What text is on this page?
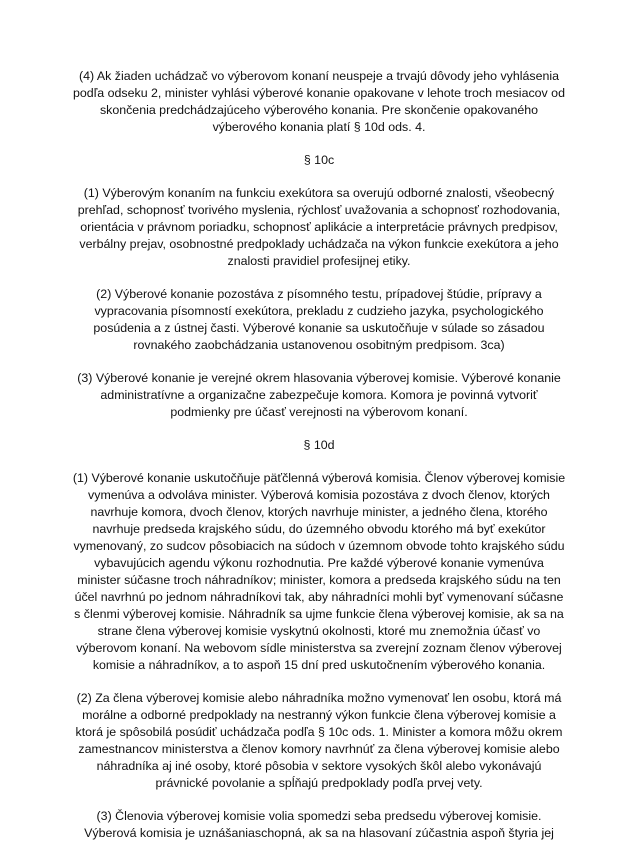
(4) Ak žiaden uchádzač vo výberovom konaní neuspeje a trvajú dôvody jeho vyhlásenia podľa odseku 2, minister vyhlási výberové konanie opakovane v lehote troch mesiacov od skončenia predchádzajúceho výberového konania. Pre skončenie opakovaného výberového konania platí § 10d ods. 4.

§ 10c

(1) Výberovým konaním na funkciu exekútora sa overujú odborné znalosti, všeobecný prehľad, schopnosť tvorivého myslenia, rýchlosť uvažovania a schopnosť rozhodovania, orientácia v právnom poriadku, schopnosť aplikácie a interpretácie právnych predpisov, verbálny prejav, osobnostné predpoklady uchádzača na výkon funkcie exekútora a jeho znalosti pravidiel profesijnej etiky.

(2) Výberové konanie pozostáva z písomného testu, prípadovej štúdie, prípravy a vypracovania písomností exekútora, prekladu z cudzieho jazyka, psychologického posúdenia a z ústnej časti. Výberové konanie sa uskutočňuje v súlade so zásadou rovnakého zaobchádzania ustanovenou osobitným predpisom. 3ca)

(3) Výberové konanie je verejné okrem hlasovania výberovej komisie. Výberové konanie administratívne a organizačne zabezpečuje komora. Komora je povinná vytvoriť podmienky pre účasť verejnosti na výberovom konaní.

§ 10d

(1) Výberové konanie uskutočňuje päťčlenná výberová komisia. Členov výberovej komisie vymenúva a odvoláva minister. Výberová komisia pozostáva z dvoch členov, ktorých navrhuje komora, dvoch členov, ktorých navrhuje minister, a jedného člena, ktorého navrhuje predseda krajského súdu, do územného obvodu ktorého má byť exekútor vymenovaný, zo sudcov pôsobiacich na súdoch v územnom obvode tohto krajského súdu vybavujúcich agendu výkonu rozhodnutia. Pre každé výberové konanie vymenúva minister súčasne troch náhradníkov; minister, komora a predseda krajského súdu na ten účel navrhnú po jednom náhradníkovi tak, aby náhradníci mohli byť vymenovaní súčasne s členmi výberovej komisie. Náhradník sa ujme funkcie člena výberovej komisie, ak sa na strane člena výberovej komisie vyskytnú okolnosti, ktoré mu znemožnia účasť vo výberovom konaní. Na webovom sídle ministerstva sa zverejní zoznam členov výberovej komisie a náhradníkov, a to aspoň 15 dní pred uskutočnením výberového konania.

(2) Za člena výberovej komisie alebo náhradníka možno vymenovať len osobu, ktorá má morálne a odborné predpoklady na nestranný výkon funkcie člena výberovej komisie a ktorá je spôsobilá posúdiť uchádzača podľa § 10c ods. 1. Minister a komora môžu okrem zamestnancov ministerstva a členov komory navrhnúť za člena výberovej komisie alebo náhradníka aj iné osoby, ktoré pôsobia v sektore vysokých škôl alebo vykonávajú právnické povolanie a spĺňajú predpoklady podľa prvej vety.

(3) Členovia výberovej komisie volia spomedzi seba predsedu výberovej komisie. Výberová komisia je uznášaniaschopná, ak sa na hlasovaní zúčastnia aspoň štyria jej
